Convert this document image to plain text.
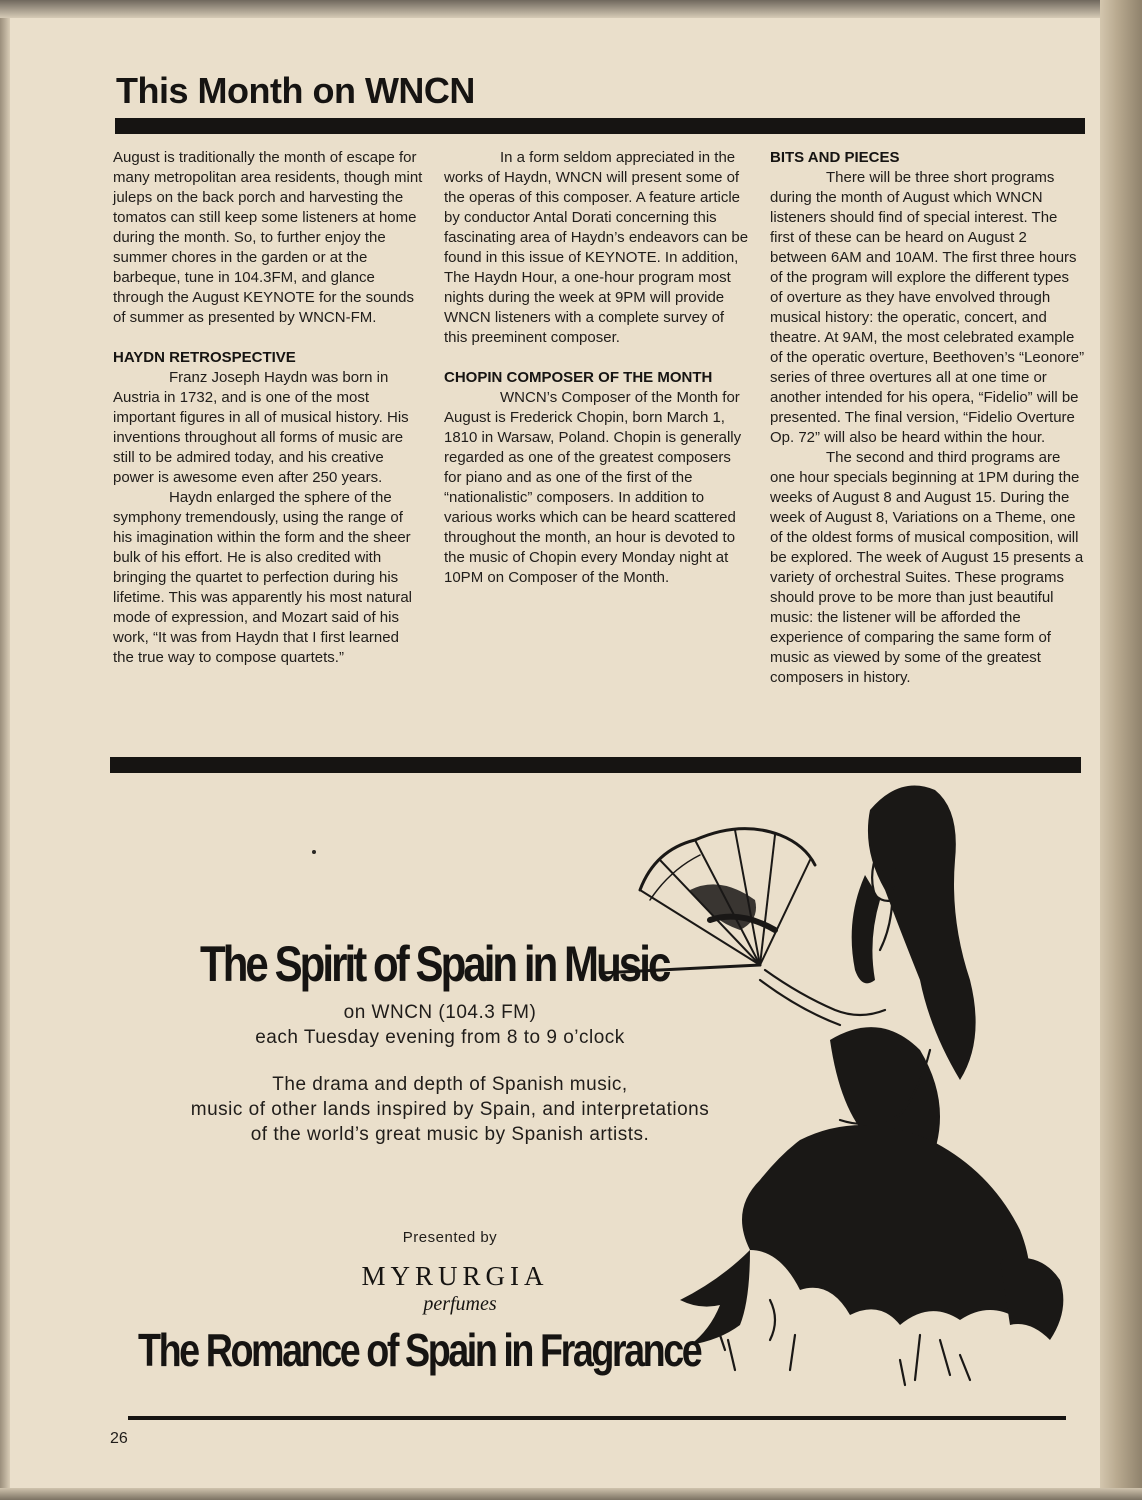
This Month on WNCN

August is traditionally the month of escape for many metropolitan area residents, though mint juleps on the back porch and harvesting the tomatos can still keep some listeners at home during the month. So, to further enjoy the summer chores in the garden or at the barbeque, tune in 104.3FM, and glance through the August KEYNOTE for the sounds of summer as presented by WNCN-FM.

HAYDN RETROSPECTIVE

Franz Joseph Haydn was born in Austria in 1732, and is one of the most important figures in all of musical history. His inventions throughout all forms of music are still to be admired today, and his creative power is awesome even after 250 years.

Haydn enlarged the sphere of the symphony tremendously, using the range of his imagination within the form and the sheer bulk of his effort. He is also credited with bringing the quartet to perfection during his lifetime. This was apparently his most natural mode of expression, and Mozart said of his work, “It was from Haydn that I first learned the true way to compose quartets.”

In a form seldom appreciated in the works of Haydn, WNCN will present some of the operas of this composer. A feature article by conductor Antal Dorati concerning this fascinating area of Haydn’s endeavors can be found in this issue of KEYNOTE. In addition, The Haydn Hour, a one-hour program most nights during the week at 9PM will provide WNCN listeners with a complete survey of this preeminent composer.

CHOPIN COMPOSER OF THE MONTH

WNCN’s Composer of the Month for August is Frederick Chopin, born March 1, 1810 in Warsaw, Poland. Chopin is generally regarded as one of the greatest composers for piano and as one of the first of the “nationalistic” composers. In addition to various works which can be heard scattered throughout the month, an hour is devoted to the music of Chopin every Monday night at 10PM on Composer of the Month.

BITS AND PIECES

There will be three short programs during the month of August which WNCN listeners should find of special interest. The first of these can be heard on August 2 between 6AM and 10AM. The first three hours of the program will explore the different types of overture as they have envolved through musical history: the operatic, concert, and theatre. At 9AM, the most celebrated example of the operatic overture, Beethoven’s “Leonore” series of three overtures all at one time or another intended for his opera, “Fidelio” will be presented. The final version, “Fidelio Overture Op. 72” will also be heard within the hour.

The second and third programs are one hour specials beginning at 1PM during the weeks of August 8 and August 15. During the week of August 8, Variations on a Theme, one of the oldest forms of musical composition, will be explored. The week of August 15 presents a variety of orchestral Suites. These programs should prove to be more than just beautiful music: the listener will be afforded the experience of comparing the same form of music as viewed by some of the greatest composers in history.

The Spirit of Spain in Music

on WNCN (104.3 FM)

each Tuesday evening from 8 to 9 o’clock

The drama and depth of Spanish music,

music of other lands inspired by Spain, and interpretations

of the world’s great music by Spanish artists.

Presented by

MYRURGIA

perfumes

The Romance of Spain in Fragrance

26
